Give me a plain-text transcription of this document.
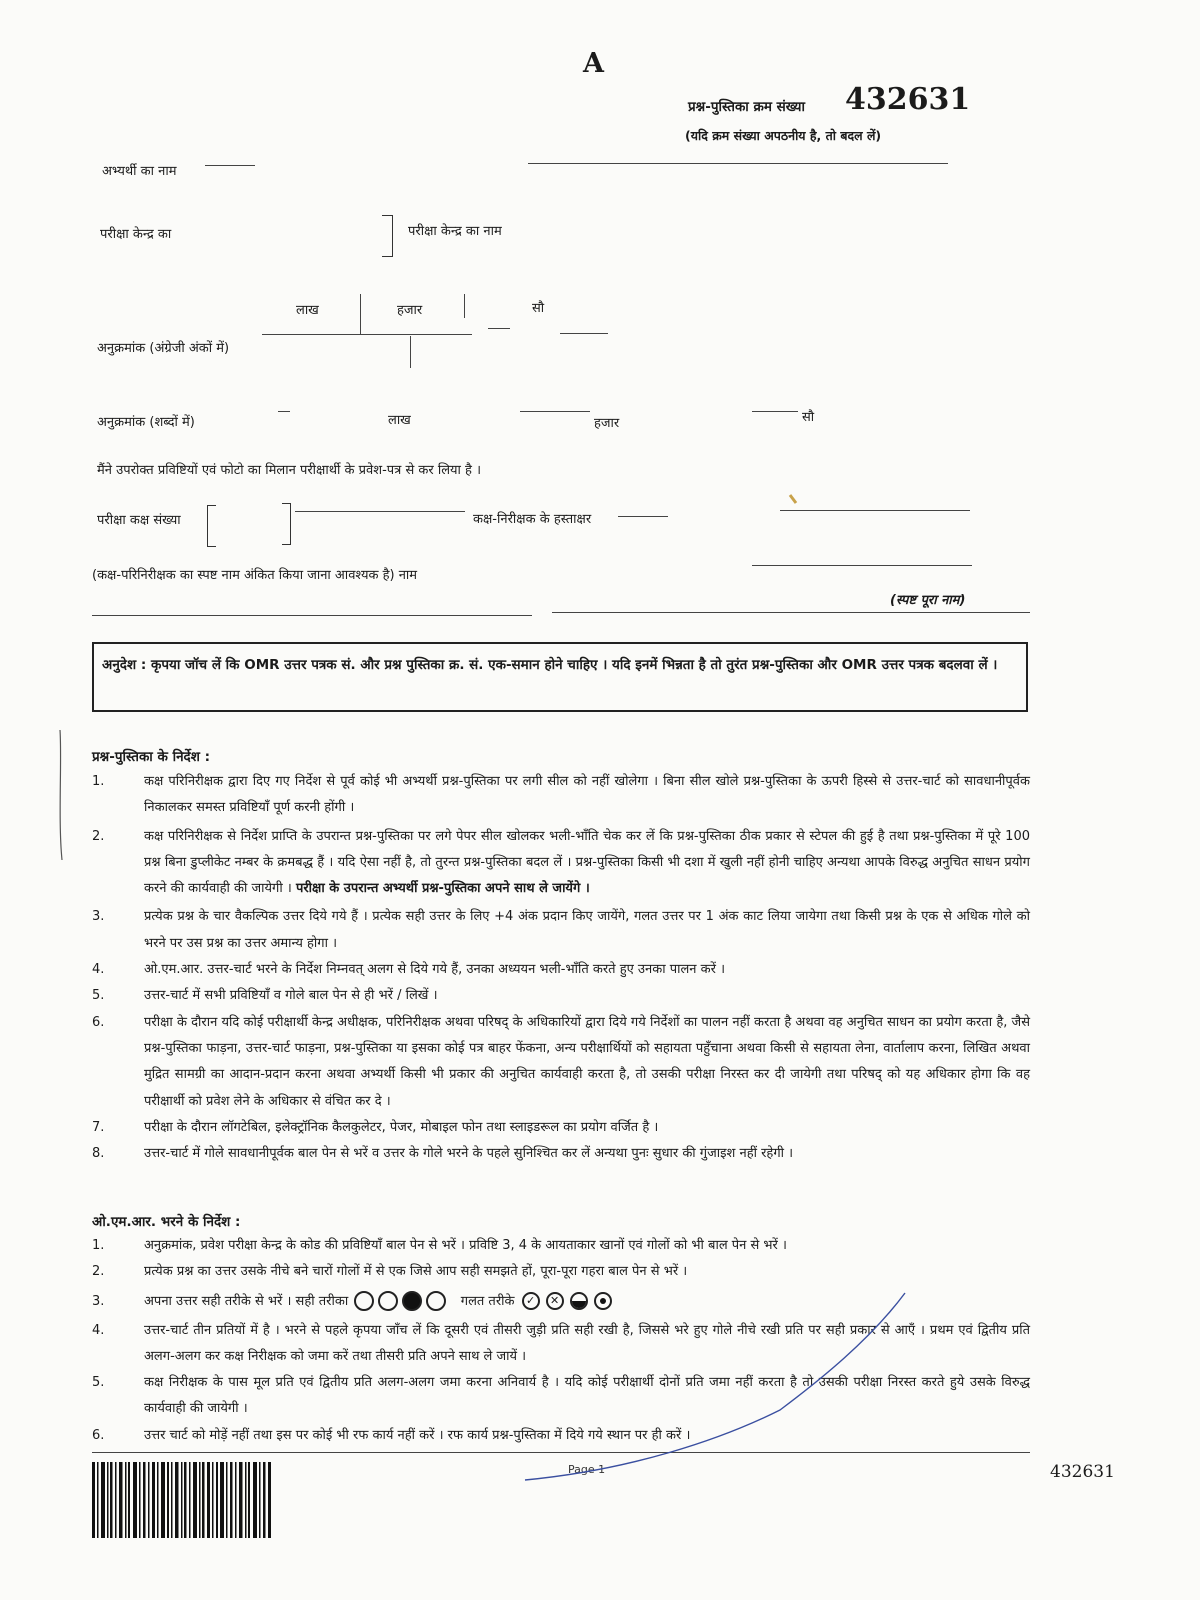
A
प्रश्न-पुस्तिका क्रम संख्या 432631
(यदि क्रम संख्या अपठनीय है, तो बदल लें)
अभ्यर्थी का नाम
परीक्षा केन्द्र का	परीक्षा केन्द्र का नाम
लाख	हजार	सौ
अनुक्रमांक (अंग्रेजी अंकों में)
अनुक्रमांक (शब्दों में)	लाख	हजार	सौ
मैंने उपरोक्त प्रविष्टियों एवं फोटो का मिलान परीक्षार्थी के प्रवेश-पत्र से कर लिया है ।
परीक्षा कक्ष संख्या	कक्ष-निरीक्षक के हस्ताक्षर
(कक्ष-परिनिरीक्षक का स्पष्ट नाम अंकित किया जाना आवश्यक है) नाम
(स्पष्ट पूरा नाम)
अनुदेश : कृपया जॉच लें कि OMR उत्तर पत्रक सं. और प्रश्न पुस्तिका क्र. सं. एक-समान होने चाहिए । यदि इनमें भिन्नता है तो तुरंत प्रश्न-पुस्तिका और OMR उत्तर पत्रक बदलवा लें ।
प्रश्न-पुस्तिका के निर्देश :
1.	कक्ष परिनिरीक्षक द्वारा दिए गए निर्देश से पूर्व कोई भी अभ्यर्थी प्रश्न-पुस्तिका पर लगी सील को नहीं खोलेगा । बिना सील खोले प्रश्न-पुस्तिका के ऊपरी हिस्से से उत्तर-चार्ट को सावधानीपूर्वक निकालकर समस्त प्रविष्टियाँ पूर्ण करनी होंगी ।
2.	कक्ष परिनिरीक्षक से निर्देश प्राप्ति के उपरान्त प्रश्न-पुस्तिका पर लगे पेपर सील खोलकर भली-भाँति चेक कर लें कि प्रश्न-पुस्तिका ठीक प्रकार से स्टेपल की हुई है तथा प्रश्न-पुस्तिका में पूरे 100 प्रश्न बिना डुप्लीकेट नम्बर के क्रमबद्ध हैं । यदि ऐसा नहीं है, तो तुरन्त प्रश्न-पुस्तिका बदल लें । प्रश्न-पुस्तिका किसी भी दशा में खुली नहीं होनी चाहिए अन्यथा आपके विरुद्ध अनुचित साधन प्रयोग करने की कार्यवाही की जायेगी । परीक्षा के उपरान्त अभ्यर्थी प्रश्न-पुस्तिका अपने साथ ले जायेंगे ।
3.	प्रत्येक प्रश्न के चार वैकल्पिक उत्तर दिये गये हैं । प्रत्येक सही उत्तर के लिए +4 अंक प्रदान किए जायेंगे, गलत उत्तर पर 1 अंक काट लिया जायेगा तथा किसी प्रश्न के एक से अधिक गोले को भरने पर उस प्रश्न का उत्तर अमान्य होगा ।
4.	ओ.एम.आर. उत्तर-चार्ट भरने के निर्देश निम्नवत् अलग से दिये गये हैं, उनका अध्ययन भली-भाँति करते हुए उनका पालन करें ।
5.	उत्तर-चार्ट में सभी प्रविष्टियाँ व गोले बाल पेन से ही भरें / लिखें ।
6.	परीक्षा के दौरान यदि कोई परीक्षार्थी केन्द्र अधीक्षक, परिनिरीक्षक अथवा परिषद् के अधिकारियों द्वारा दिये गये निर्देशों का पालन नहीं करता है अथवा वह अनुचित साधन का प्रयोग करता है, जैसे प्रश्न-पुस्तिका फाड़ना, उत्तर-चार्ट फाड़ना, प्रश्न-पुस्तिका या इसका कोई पत्र बाहर फेंकना, अन्य परीक्षार्थियों को सहायता पहुँचाना अथवा किसी से सहायता लेना, वार्तालाप करना, लिखित अथवा मुद्रित सामग्री का आदान-प्रदान करना अथवा अभ्यर्थी किसी भी प्रकार की अनुचित कार्यवाही करता है, तो उसकी परीक्षा निरस्त कर दी जायेगी तथा परिषद् को यह अधिकार होगा कि वह परीक्षार्थी को प्रवेश लेने के अधिकार से वंचित कर दे ।
7.	परीक्षा के दौरान लॉगटेबिल, इलेक्ट्रॉनिक कैलकुलेटर, पेजर, मोबाइल फोन तथा स्लाइडरूल का प्रयोग वर्जित है ।
8.	उत्तर-चार्ट में गोले सावधानीपूर्वक बाल पेन से भरें व उत्तर के गोले भरने के पहले सुनिश्चित कर लें अन्यथा पुनः सुधार की गुंजाइश नहीं रहेगी ।
ओ.एम.आर. भरने के निर्देश :
1.	अनुक्रमांक, प्रवेश परीक्षा केन्द्र के कोड की प्रविष्टियाँ बाल पेन से भरें । प्रविष्टि 3, 4 के आयताकार खानों एवं गोलों को भी बाल पेन से भरें ।
2.	प्रत्येक प्रश्न का उत्तर उसके नीचे बने चारों गोलों में से एक जिसे आप सही समझते हों, पूरा-पूरा गहरा बाल पेन से भरें ।
3.	अपना उत्तर सही तरीके से भरें । सही तरीका	गलत तरीके ✓ ✕
4.	उत्तर-चार्ट तीन प्रतियों में है । भरने से पहले कृपया जाँच लें कि दूसरी एवं तीसरी जुड़ी प्रति सही रखी है, जिससे भरे हुए गोले नीचे रखी प्रति पर सही प्रकार से आएँ । प्रथम एवं द्वितीय प्रति अलग-अलग कर कक्ष निरीक्षक को जमा करें तथा तीसरी प्रति अपने साथ ले जायें ।
5.	कक्ष निरीक्षक के पास मूल प्रति एवं द्वितीय प्रति अलग-अलग जमा करना अनिवार्य है । यदि कोई परीक्षार्थी दोनों प्रति जमा नहीं करता है तो उसकी परीक्षा निरस्त करते हुये उसके विरुद्ध कार्यवाही की जायेगी ।
6.	उत्तर चार्ट को मोड़ें नहीं तथा इस पर कोई भी रफ कार्य नहीं करें । रफ कार्य प्रश्न-पुस्तिका में दिये गये स्थान पर ही करें ।
Page 1	432631
